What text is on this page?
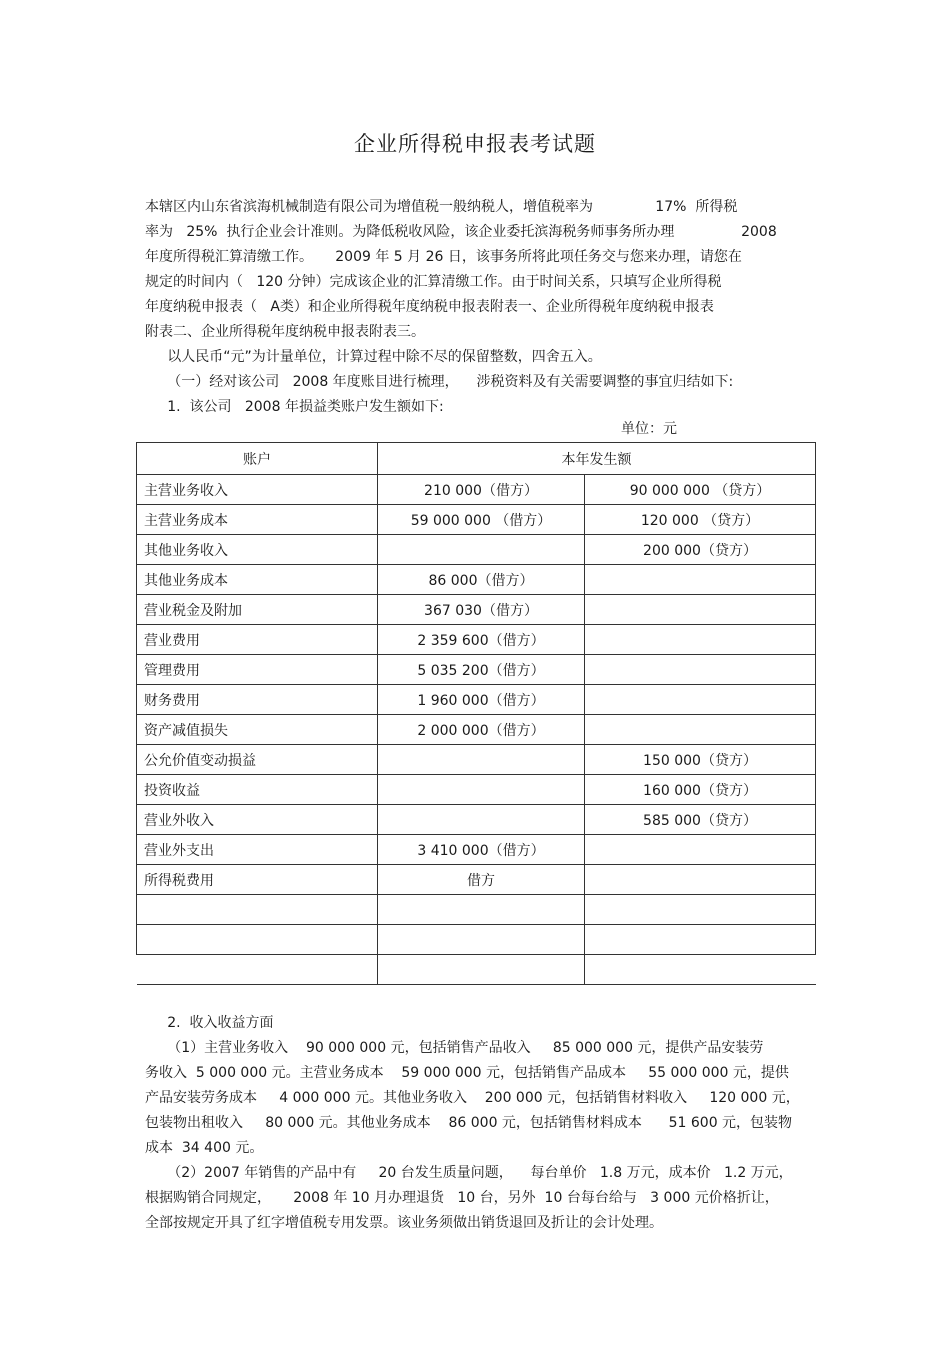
企业所得税申报表考试题
本辖区内山东省滨海机械制造有限公司为增值税一般纳税人，增值税率为              17%  所得税
率为   25%  执行企业会计准则。为降低税收风险，该企业委托滨海税务师事务所办理               2008
年度所得税汇算清缴工作。     2009 年 5 月 26 日，该事务所将此项任务交与您来办理，请您在
规定的时间内（   120 分钟）完成该企业的汇算清缴工作。由于时间关系，只填写企业所得税
年度纳税申报表（   A类）和企业所得税年度纳税申报表附表一、企业所得税年度纳税申报表
附表二、企业所得税年度纳税申报表附表三。
以人民币“元”为计量单位，计算过程中除不尽的保留整数，四舍五入。
（一）经对该公司   2008 年度账目进行梳理，    涉税资料及有关需要调整的事宜归结如下:
1.  该公司   2008 年损益类账户发生额如下:
单位：元
账户	本年发生额	
主营业务收入	210 000（借方）	90 000 000 （贷方）
主营业务成本	59 000 000 （借方）	120 000 （贷方）
其他业务收入		200 000（贷方）
其他业务成本	86 000（借方）	
营业税金及附加	367 030（借方）	
营业费用	2 359 600（借方）	
管理费用	5 035 200（借方）	
财务费用	1 960 000（借方）	
资产减值损失	2 000 000（借方）	
公允价值变动损益		150 000（贷方）
投资收益		160 000（贷方）
营业外收入		585 000（贷方）
营业外支出	3 410 000（借方）	
所得税费用	借方	

2.  收入收益方面
（1）主营业务收入    90 000 000 元，包括销售产品收入     85 000 000 元，提供产品安装劳
务收入  5 000 000 元。主营业务成本    59 000 000 元，包括销售产品成本     55 000 000 元，提供
产品安装劳务成本     4 000 000 元。其他业务收入    200 000 元，包括销售材料收入     120 000 元，
包装物出租收入     80 000 元。其他业务成本    86 000 元，包括销售材料成本      51 600 元，包装物
成本  34 400 元。
（2）2007 年销售的产品中有     20 台发生质量问题，    每台单价   1.8 万元，成本价   1.2 万元，
根据购销合同规定，     2008 年 10 月办理退货   10 台，另外  10 台每台给与   3 000 元价格折让，
全部按规定开具了红字增值税专用发票。该业务须做出销货退回及折让的会计处理。
